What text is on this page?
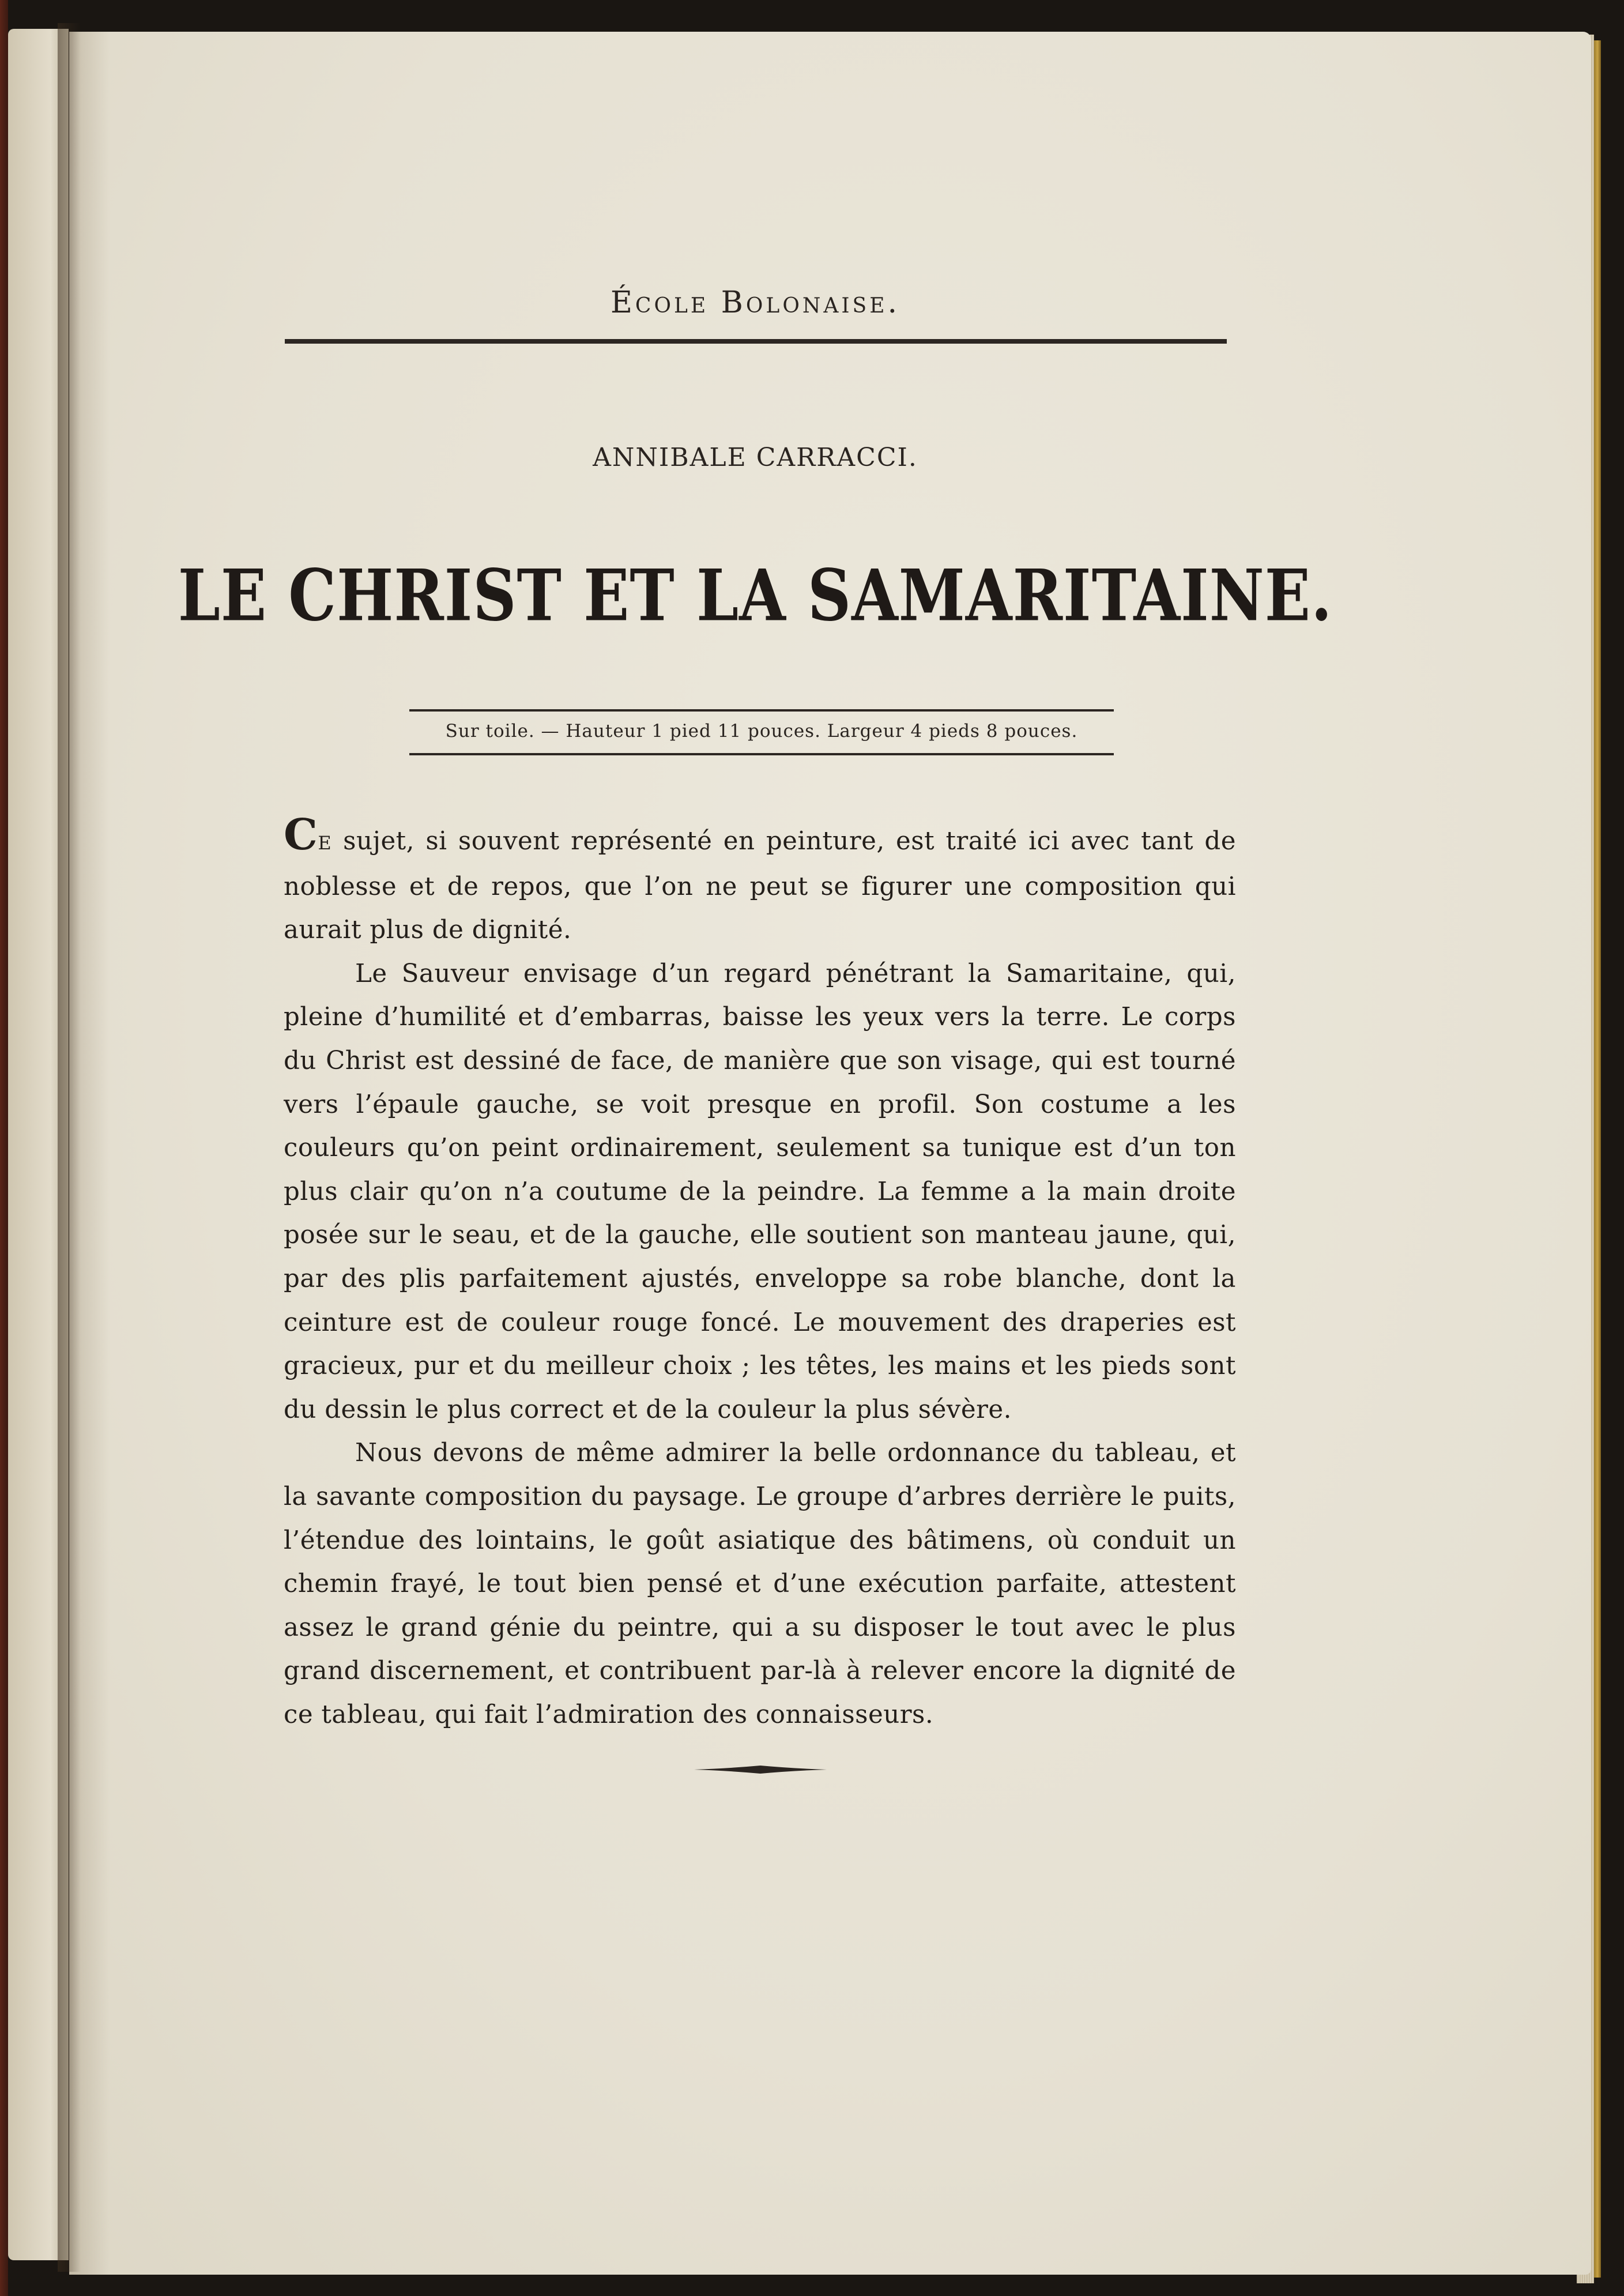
École Bolonaise.
ANNIBALE CARRACCI.
LE CHRIST ET LA SAMARITAINE.
Sur toile. — Hauteur 1 pied 11 pouces. Largeur 4 pieds 8 pouces.

CE sujet, si souvent représenté en peinture, est traité ici avec tant de noblesse et de repos, que l’on ne peut se figurer une composition qui aurait plus de dignité.

Le Sauveur envisage d’un regard pénétrant la Samaritaine, qui, pleine d’humilité et d’embarras, baisse les yeux vers la terre. Le corps du Christ est dessiné de face, de manière que son visage, qui est tourné vers l’épaule gauche, se voit presque en profil. Son costume a les couleurs qu’on peint ordinairement, seulement sa tunique est d’un ton plus clair qu’on n’a coutume de la peindre. La femme a la main droite posée sur le seau, et de la gauche, elle soutient son manteau jaune, qui, par des plis parfaitement ajustés, enveloppe sa robe blanche, dont la ceinture est de couleur rouge foncé. Le mouvement des draperies est gracieux, pur et du meilleur choix ; les têtes, les mains et les pieds sont du dessin le plus correct et de la couleur la plus sévère.

Nous devons de même admirer la belle ordonnance du tableau, et la savante composition du paysage. Le groupe d’arbres derrière le puits, l’étendue des lointains, le goût asiatique des bâtimens, où conduit un chemin frayé, le tout bien pensé et d’une exécution parfaite, attestent assez le grand génie du peintre, qui a su disposer le tout avec le plus grand discernement, et contribuent par-là à relever encore la dignité de ce tableau, qui fait l’admiration des connaisseurs.
